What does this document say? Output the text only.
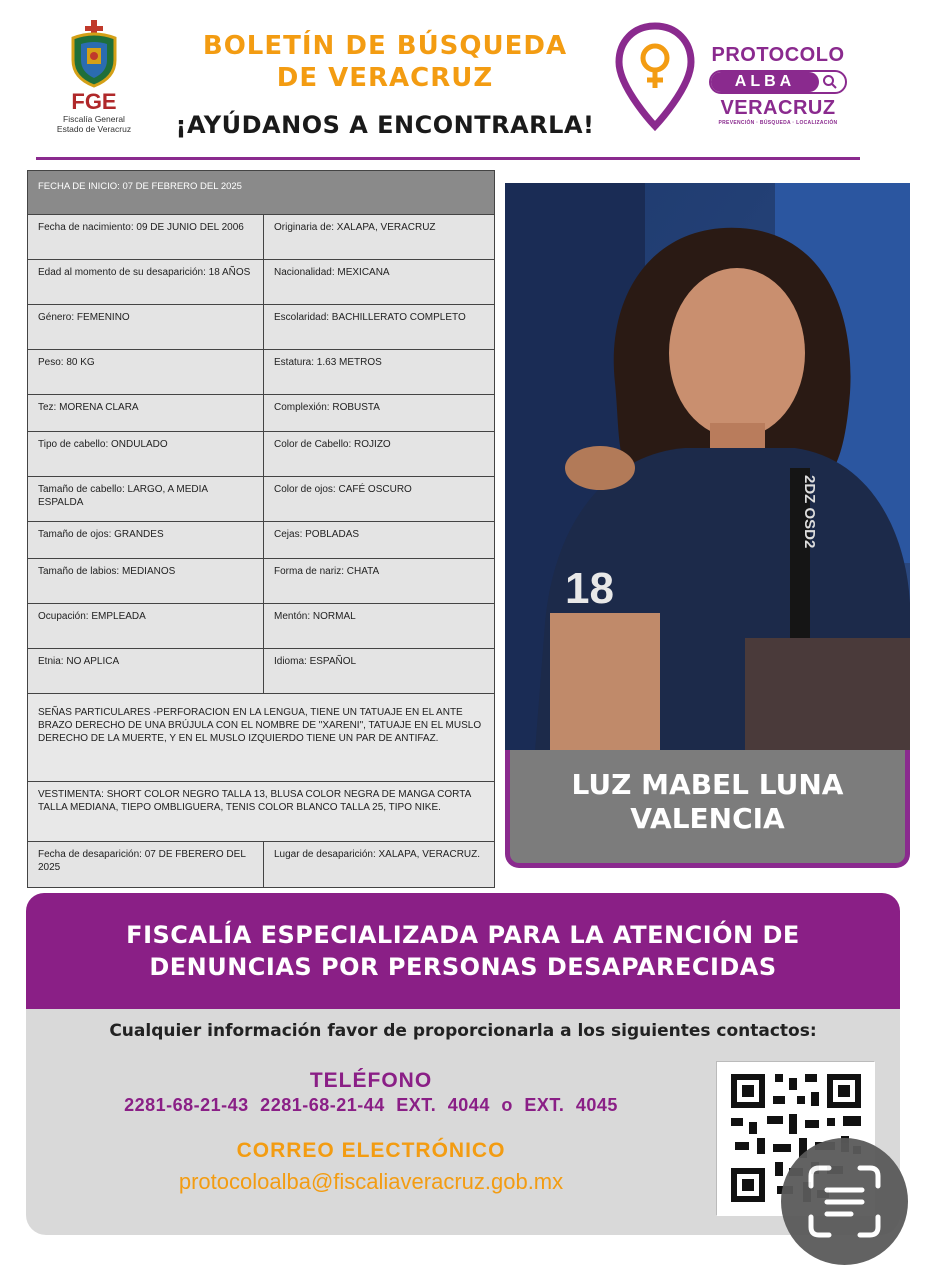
FGE
Fiscalía General
Estado de Veracruz
BOLETÍN DE BÚSQUEDA
DE VERACRUZ
¡AYÚDANOS A ENCONTRARLA!
PROTOCOLO
ALBA
VERACRUZ
PREVENCIÓN · BÚSQUEDA · LOCALIZACIÓN
FECHA DE INICIO: 07 DE FEBRERO DEL 2025	
Fecha de nacimiento: 09 DE JUNIO DEL 2006	Originaria de: XALAPA, VERACRUZ
Edad al momento de su desaparición: 18 AÑOS	Nacionalidad: MEXICANA
Género: FEMENINO	Escolaridad: BACHILLERATO COMPLETO
Peso: 80 KG	Estatura: 1.63 METROS
Tez: MORENA CLARA	Complexión: ROBUSTA
Tipo de cabello: ONDULADO	Color de Cabello: ROJIZO
Tamaño de cabello: LARGO, A MEDIA ESPALDA	Color de ojos: CAFÉ OSCURO
Tamaño de ojos: GRANDES	Cejas: POBLADAS
Tamaño de labios: MEDIANOS	Forma de nariz: CHATA
Ocupación: EMPLEADA	Mentón: NORMAL
Etnia: NO APLICA	Idioma: ESPAÑOL
SEÑAS PARTICULARES -PERFORACION EN LA LENGUA, TIENE UN TATUAJE EN EL ANTE BRAZO DERECHO DE UNA BRÚJULA CON EL NOMBRE DE "XARENI", TATUAJE EN EL MUSLO DERECHO DE LA MUERTE, Y EN EL MUSLO IZQUIERDO TIENE UN PAR DE ANTIFAZ.	
VESTIMENTA: SHORT COLOR NEGRO TALLA 13, BLUSA COLOR NEGRA DE MANGA CORTA TALLA MEDIANA, TIEPO OMBLIGUERA, TENIS COLOR BLANCO TALLA 25, TIPO NIKE.	
Fecha de desaparición: 07 DE FBERERO DEL 2025	Lugar de desaparición: XALAPA, VERACRUZ.
18
2DZ OSD2
LUZ MABEL LUNA
VALENCIA
FISCALÍA ESPECIALIZADA PARA LA ATENCIÓN DE
DENUNCIAS POR PERSONAS DESAPARECIDAS
Cualquier información favor de proporcionarla a los siguientes contactos:
TELÉFONO
2281-68-21-43 2281-68-21-44 EXT. 4044 o EXT. 4045
CORREO ELECTRÓNICO
protocoloalba@fiscaliaveracruz.gob.mx
